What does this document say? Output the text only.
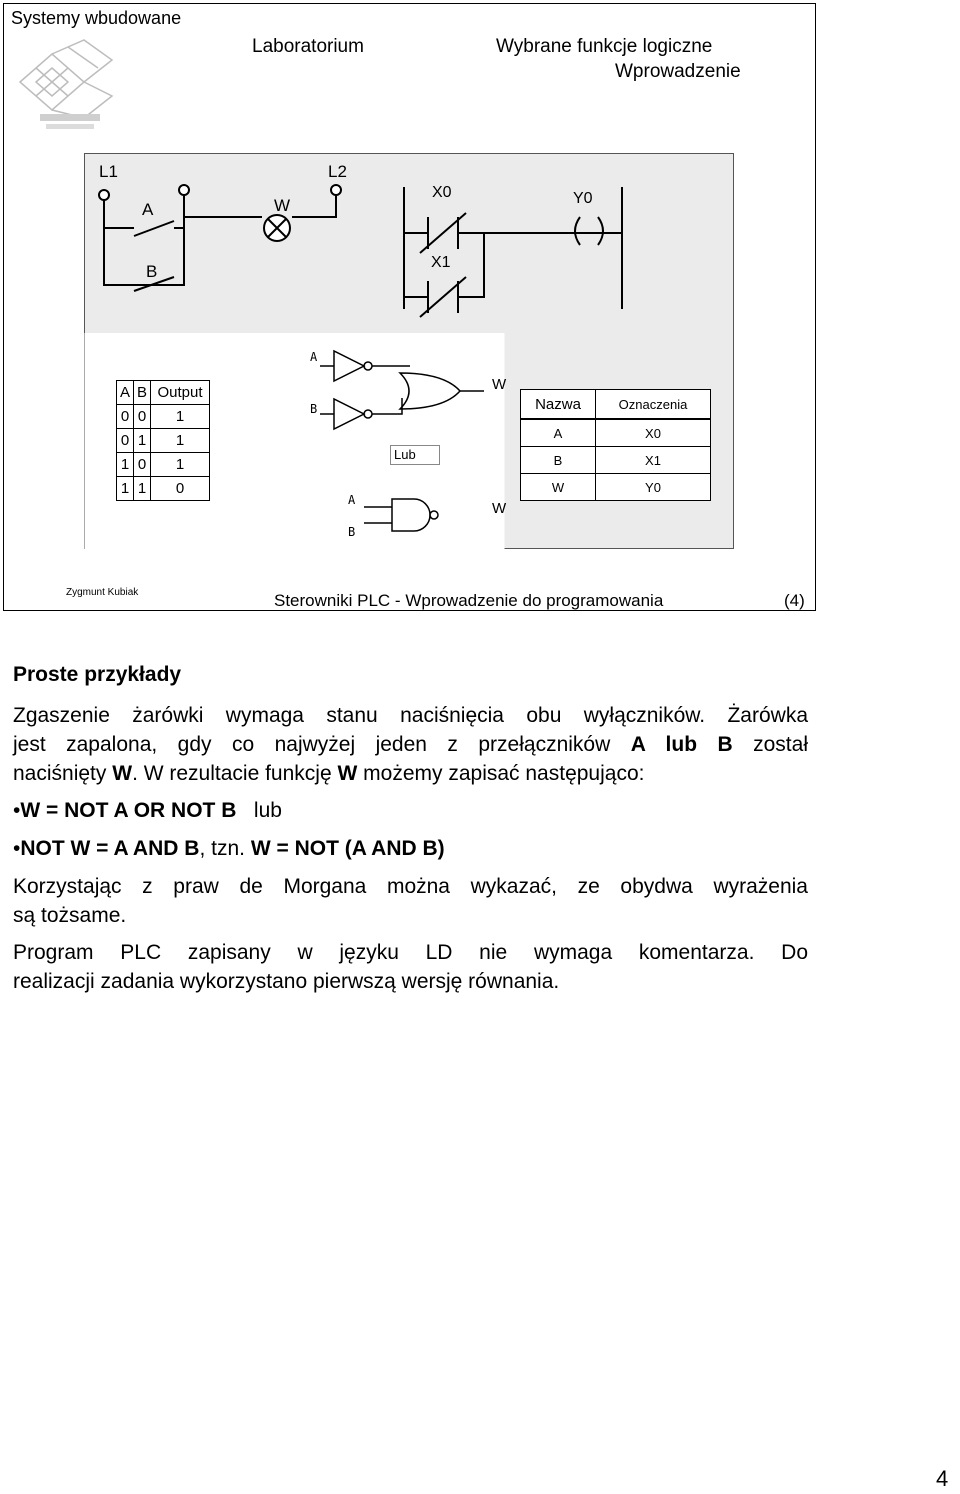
Systemy wbudowane
Laboratorium	Wybrane funkcje logiczne
Wprowadzenie
L1	L2
A	W
B
X0
X1
Y0
A	B	Output
0	0	1
0	1	1
1	0	1
1	1	0
A
B
Lub
A
B
W
W
Nazwa	Oznaczenia
A	X0
B	X1
W	Y0
Zygmunt Kubiak	Sterowniki PLC - Wprowadzenie do programowania	(4)
Proste przykłady
Zgaszenie żarówki wymaga stanu naciśnięcia obu wyłączników. Żarówka
jest zapalona, gdy co najwyżej jeden z przełączników A lub B został
naciśnięty W. W rezultacie funkcję W możemy zapisać następująco:
•W = NOT A OR NOT B lub
•NOT W = A AND B, tzn. W = NOT (A AND B)
Korzystając z praw de Morgana można wykazać, ze obydwa wyrażenia
są tożsame.
Program PLC zapisany w języku LD nie wymaga komentarza. Do
realizacji zadania wykorzystano pierwszą wersję równania.
4
